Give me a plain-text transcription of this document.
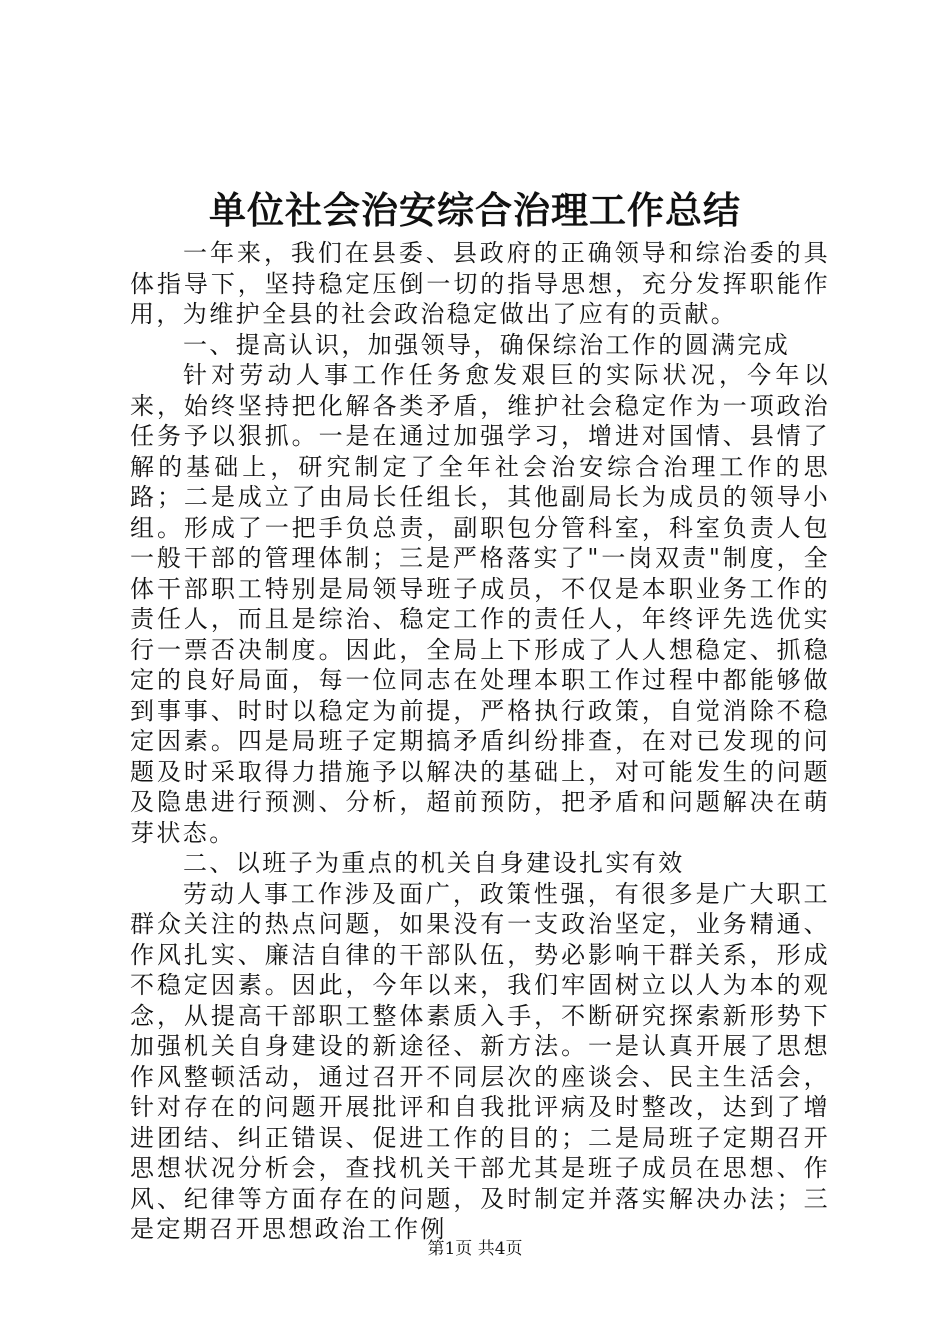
单位社会治安综合治理工作总结

一年来，我们在县委、县政府的正确领导和综治委的具体指导下，坚持稳定压倒一切的指导思想，充分发挥职能作用，为维护全县的社会政治稳定做出了应有的贡献。

一、提高认识，加强领导，确保综治工作的圆满完成

针对劳动人事工作任务愈发艰巨的实际状况，今年以来，始终坚持把化解各类矛盾，维护社会稳定作为一项政治任务予以狠抓。一是在通过加强学习，增进对国情、县情了解的基础上，研究制定了全年社会治安综合治理工作的思路；二是成立了由局长任组长，其他副局长为成员的领导小组。形成了一把手负总责，副职包分管科室，科室负责人包一般干部的管理体制；三是严格落实了"一岗双责"制度，全体干部职工特别是局领导班子成员，不仅是本职业务工作的责任人，而且是综治、稳定工作的责任人，年终评先选优实行一票否决制度。因此，全局上下形成了人人想稳定、抓稳定的良好局面，每一位同志在处理本职工作过程中都能够做到事事、时时以稳定为前提，严格执行政策，自觉消除不稳定因素。四是局班子定期搞矛盾纠纷排查，在对已发现的问题及时采取得力措施予以解决的基础上，对可能发生的问题及隐患进行预测、分析，超前预防，把矛盾和问题解决在萌芽状态。

二、以班子为重点的机关自身建设扎实有效

劳动人事工作涉及面广，政策性强，有很多是广大职工群众关注的热点问题，如果没有一支政治坚定，业务精通、作风扎实、廉洁自律的干部队伍，势必影响干群关系，形成不稳定因素。因此，今年以来，我们牢固树立以人为本的观念，从提高干部职工整体素质入手，不断研究探索新形势下加强机关自身建设的新途径、新方法。一是认真开展了思想作风整顿活动，通过召开不同层次的座谈会、民主生活会，针对存在的问题开展批评和自我批评病及时整改，达到了增进团结、纠正错误、促进工作的目的；二是局班子定期召开思想状况分析会，查找机关干部尤其是班子成员在思想、作风、纪律等方面存在的问题，及时制定并落实解决办法；三是定期召开思想政治工作例

第1页 共4页
